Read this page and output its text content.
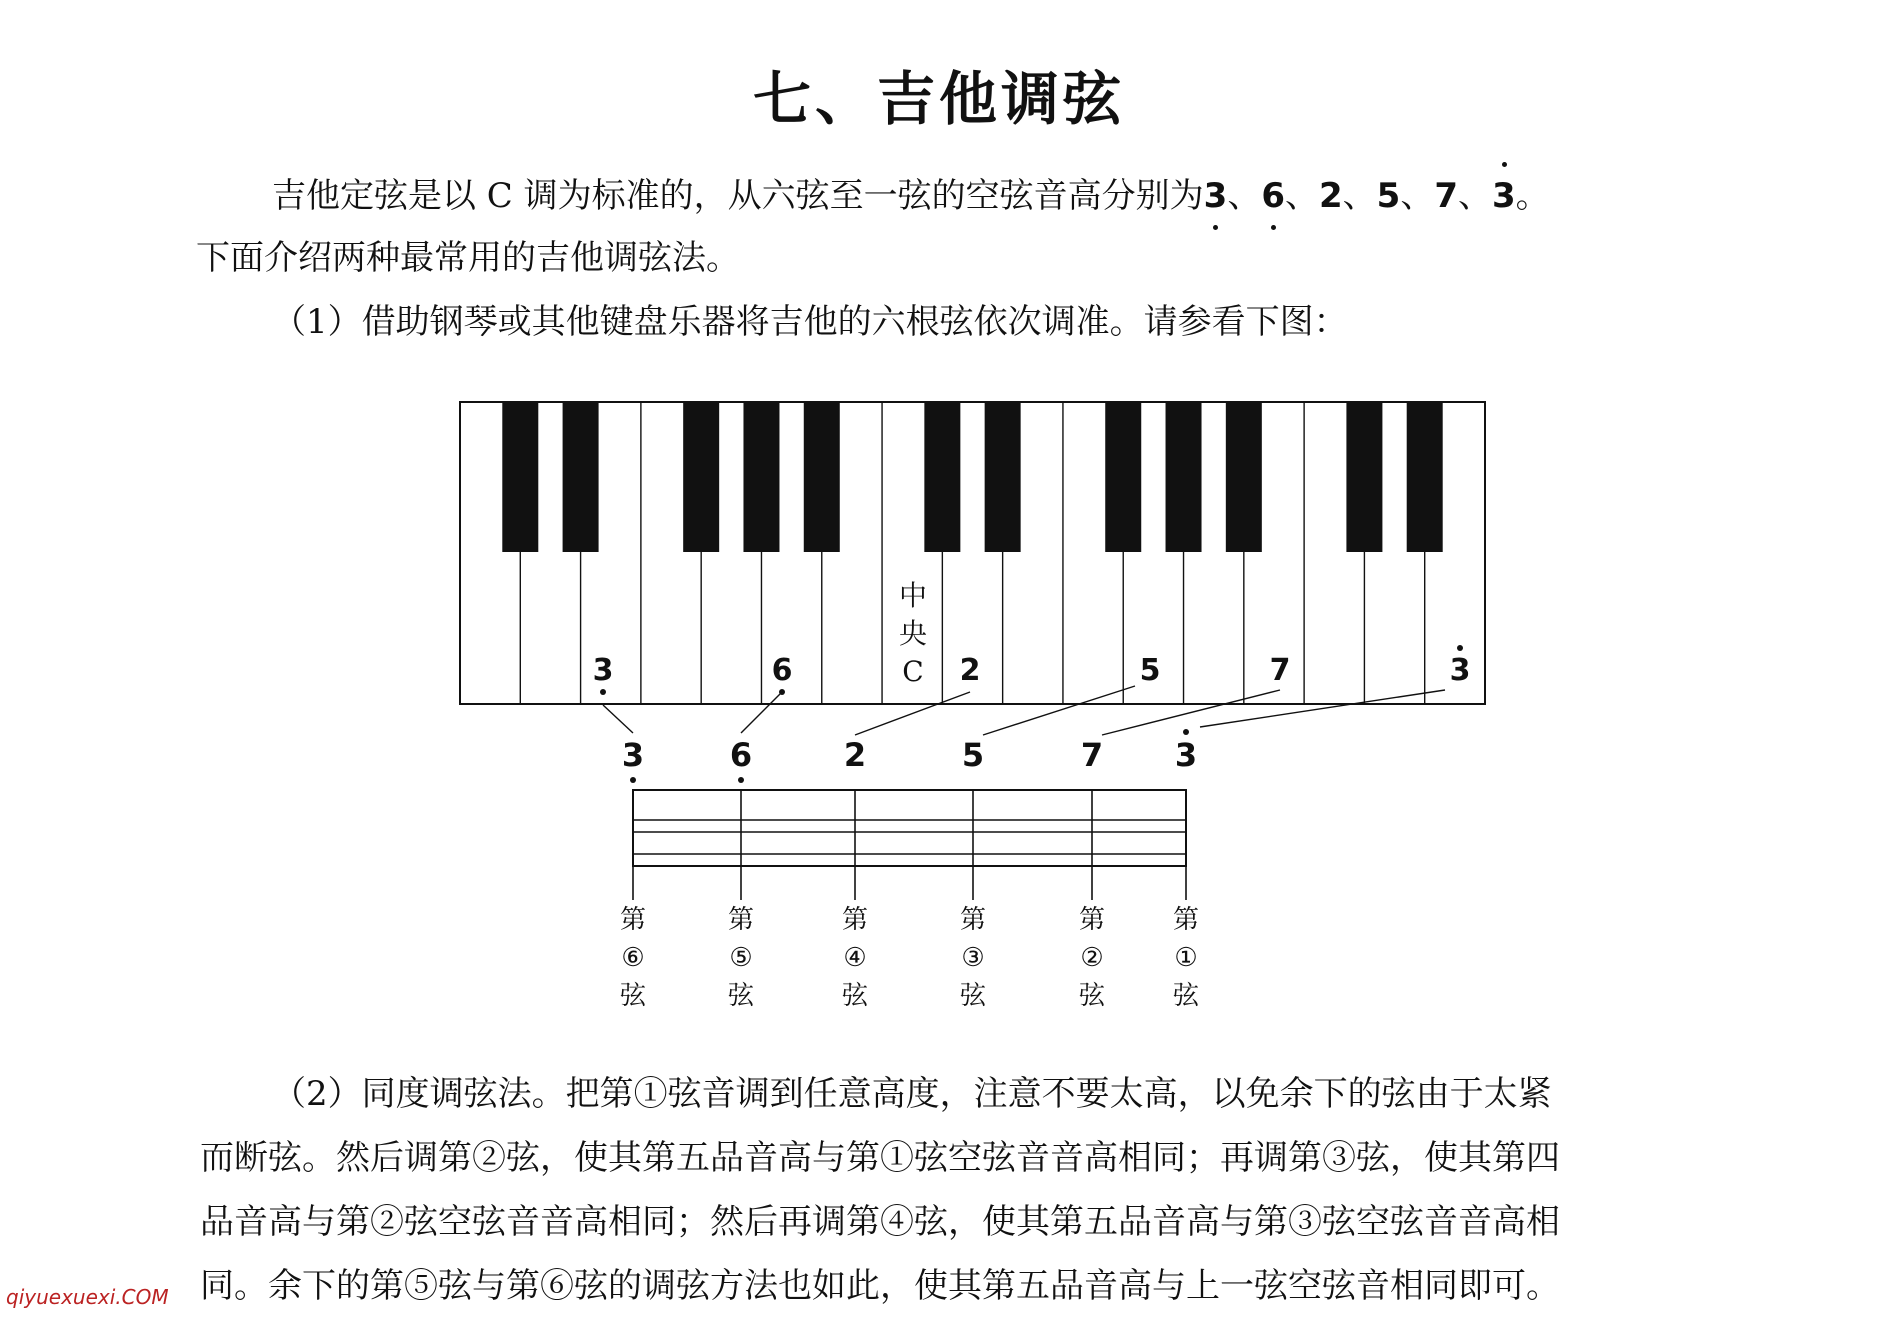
七、吉他调弦
吉他定弦是以 C 调为标准的，从六弦至一弦的空弦音高分别为3、6、2、5、7、3。
下面介绍两种最常用的吉他调弦法。
（1）借助钢琴或其他键盘乐器将吉他的六根弦依次调准。请参看下图：
中
央
C
3	6	2	5	7	3
3	6	2	5	7 3
第
⑥
弦
第
⑤
弦
第
④
弦
第
③
弦
第
②
弦
第
①
弦
（2）同度调弦法。把第①弦音调到任意高度，注意不要太高，以免余下的弦由于太紧
而断弦。然后调第②弦，使其第五品音高与第①弦空弦音音高相同；再调第③弦，使其第四
品音高与第②弦空弦音音高相同；然后再调第④弦，使其第五品音高与第③弦空弦音音高相
同。余下的第⑤弦与第⑥弦的调弦方法也如此，使其第五品音高与上一弦空弦音相同即可。
qiyuexuexi.COM
